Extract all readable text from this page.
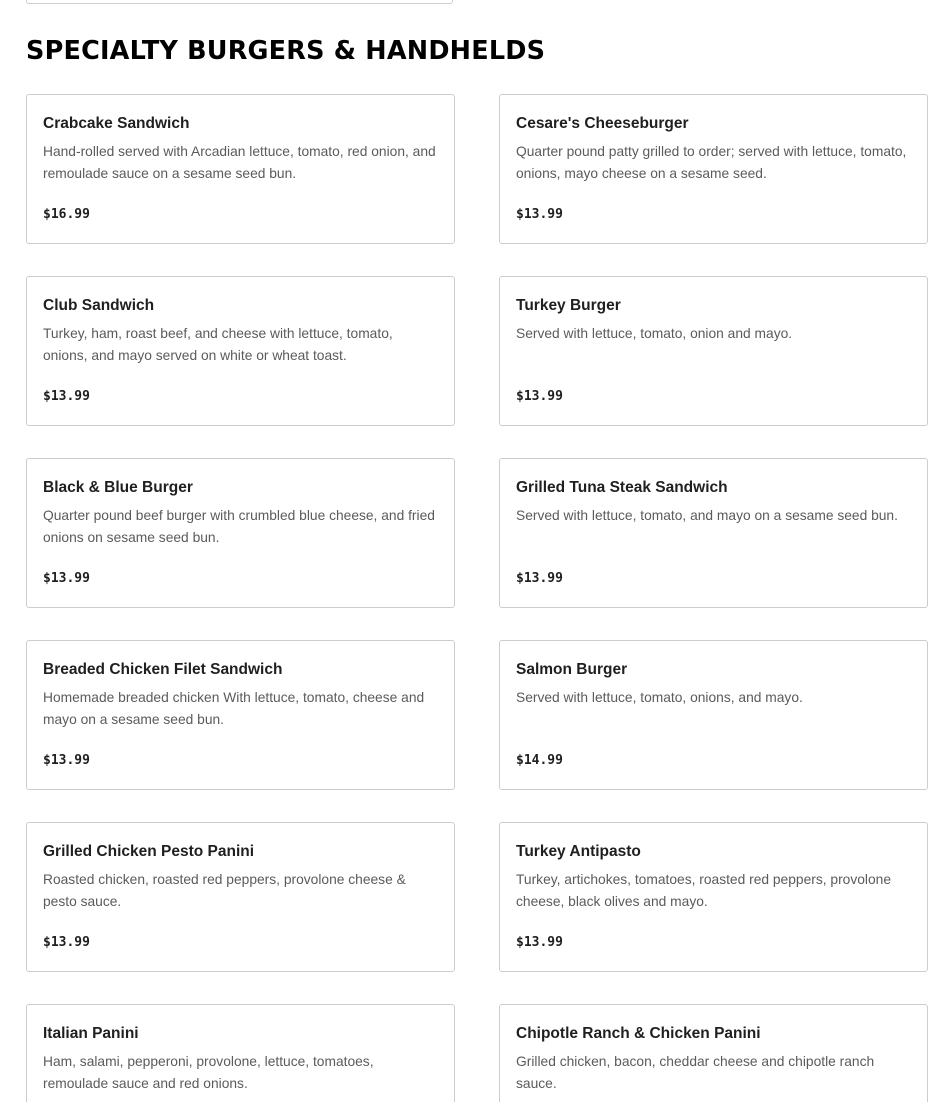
SPECIALTY BURGERS & HANDHELDS
Crabcake Sandwich
Hand-rolled served with Arcadian lettuce, tomato, red onion, and remoulade sauce on a sesame seed bun.
$16.99
Cesare's Cheeseburger
Quarter pound patty grilled to order; served with lettuce, tomato, onions, mayo cheese on a sesame seed.
$13.99
Club Sandwich
Turkey, ham, roast beef, and cheese with lettuce, tomato, onions, and mayo served on white or wheat toast.
$13.99
Turkey Burger
Served with lettuce, tomato, onion and mayo.
$13.99
Black & Blue Burger
Quarter pound beef burger with crumbled blue cheese, and fried onions on sesame seed bun.
$13.99
Grilled Tuna Steak Sandwich
Served with lettuce, tomato, and mayo on a sesame seed bun.
$13.99
Breaded Chicken Filet Sandwich
Homemade breaded chicken With lettuce, tomato, cheese and mayo on a sesame seed bun.
$13.99
Salmon Burger
Served with lettuce, tomato, onions, and mayo.
$14.99
Grilled Chicken Pesto Panini
Roasted chicken, roasted red peppers, provolone cheese & pesto sauce.
$13.99
Turkey Antipasto
Turkey, artichokes, tomatoes, roasted red peppers, provolone cheese, black olives and mayo.
$13.99
Italian Panini
Ham, salami, pepperoni, provolone, lettuce, tomatoes, remoulade sauce and red onions.
Chipotle Ranch & Chicken Panini
Grilled chicken, bacon, cheddar cheese and chipotle ranch sauce.
